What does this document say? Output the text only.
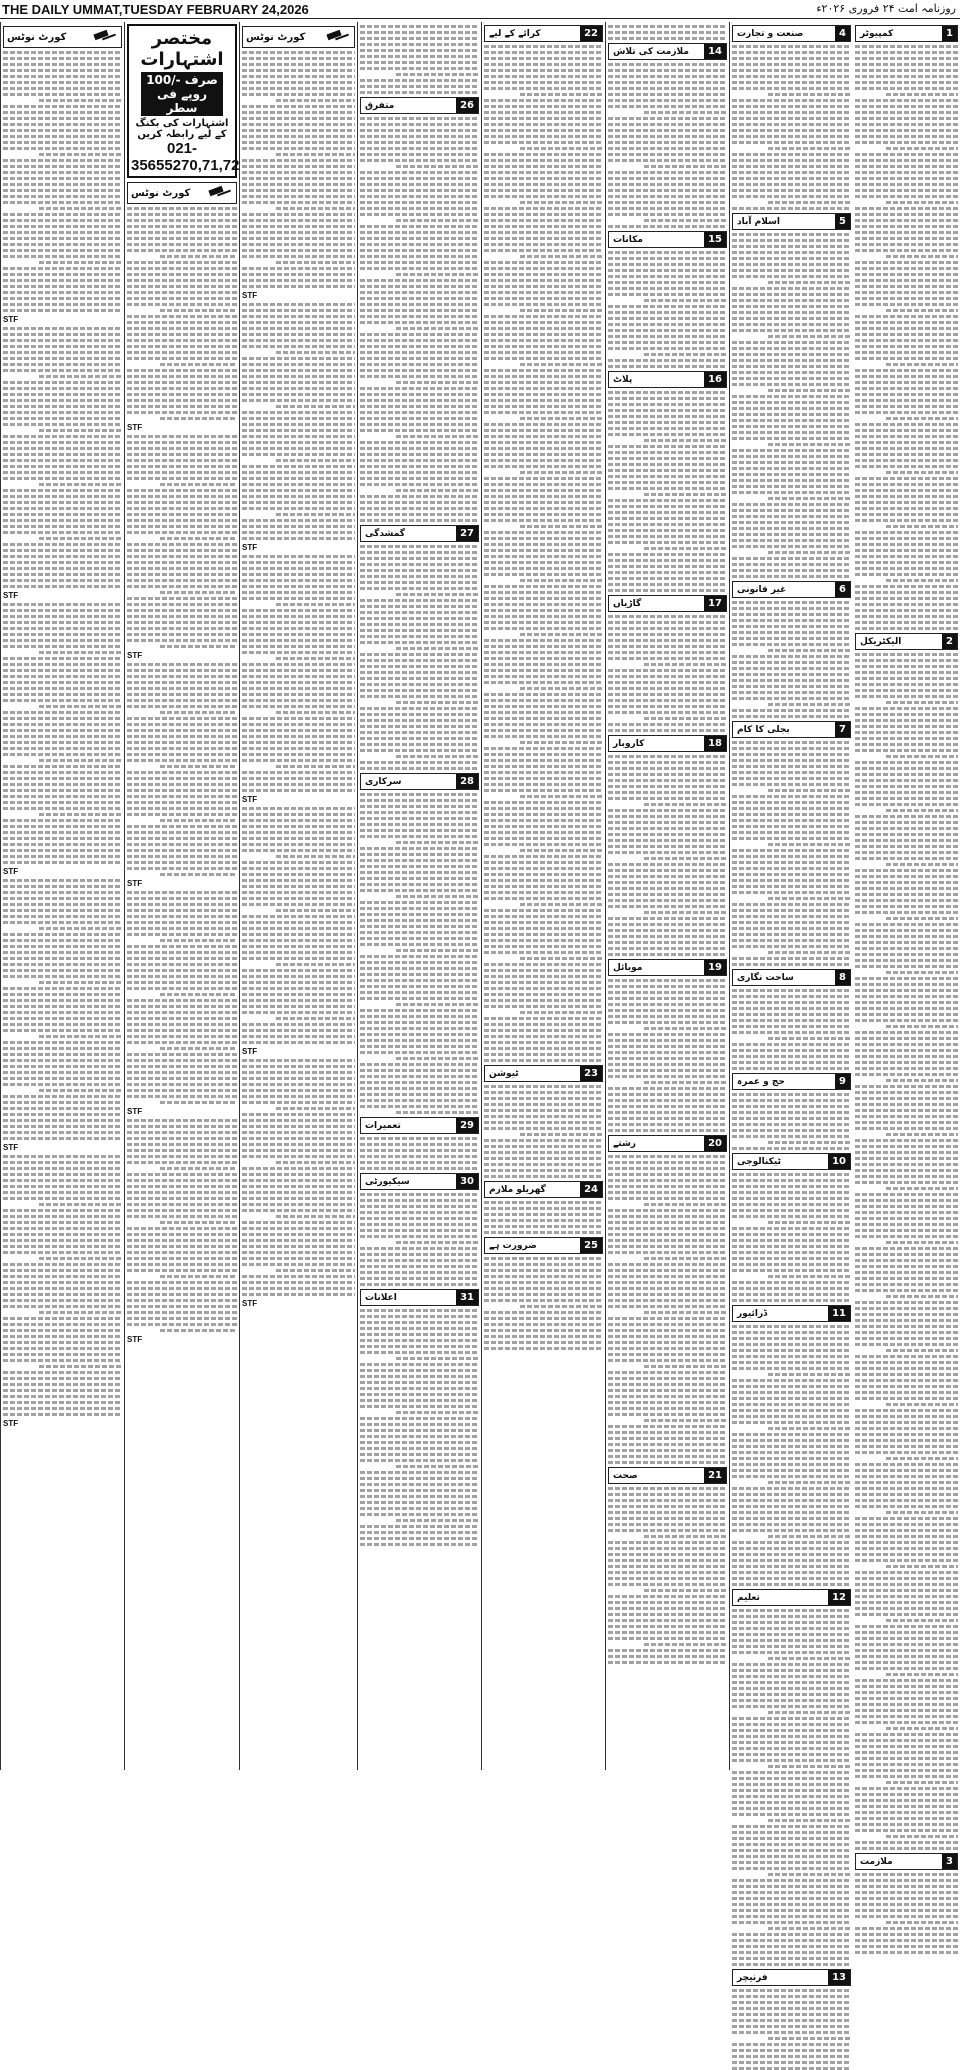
THE DAILY UMMAT,TUESDAY FEBRUARY 24,2026	روزنامہ امت ۲۴ فروری ۲۰۲۶ء
کورٹ نوٹس
STF
STF
STF
STF
STF
مختصر اشتہارات
صرف -/100 روپے فی سطر
اشتہارات کی بکنگ کے لیے رابطہ کریں
021-35655270,71,72
کورٹ نوٹس
STF
STF
STF
STF
STF
کورٹ نوٹس
STF
STF
STF
STF
STF
26
متفرق
27
گمشدگی
28
سرکاری
29
تعمیرات
30
سیکیورٹی
31
اعلانات
22
کرائے کے لیے
23
ٹیوشن
24
گھریلو ملازم
25
ضرورت ہے
14
ملازمت کی تلاش
15
مکانات
16
پلاٹ
17
گاڑیاں
18
کاروبار
19
موبائل
20
رشتے
21
صحت
4
صنعت و تجارت
5
اسلام آباد
6
غیر قانونی
7
بجلی کا کام
8
ساحت نگاری
9
حج و عمرہ
10
ٹیکنالوجی
11
ڈرائیور
12
تعلیم
13
فرنیچر
1
کمپیوٹر
2
الیکٹریکل
3
ملازمت
